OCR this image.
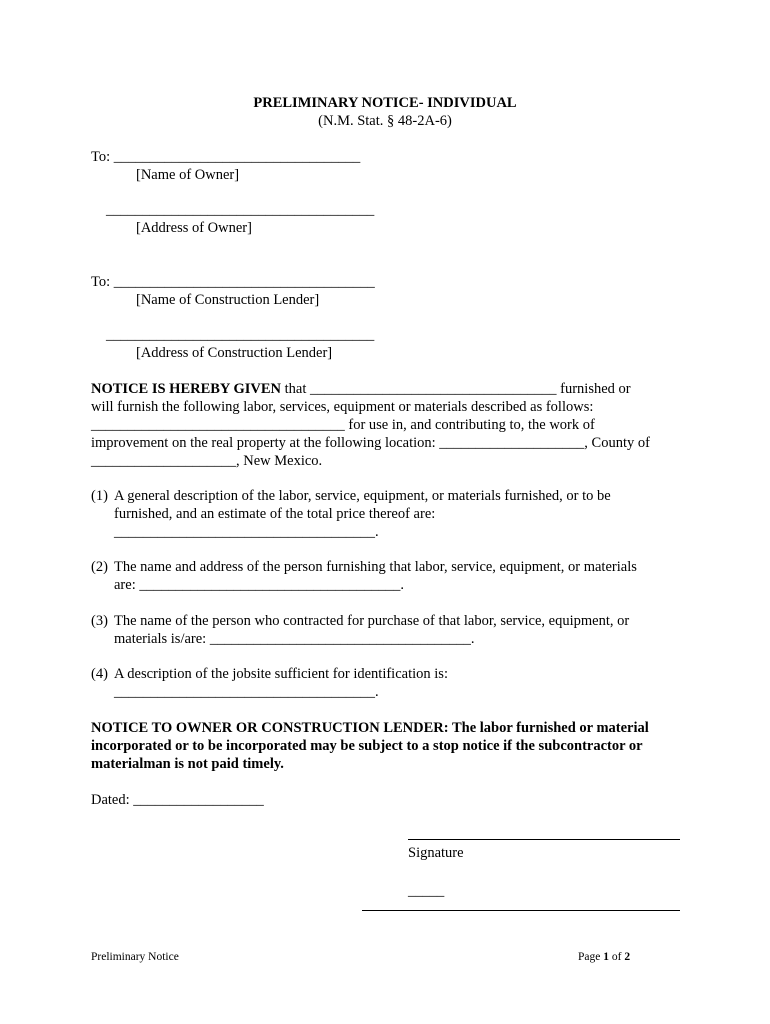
PRELIMINARY NOTICE- INDIVIDUAL
(N.M. Stat. § 48-2A-6)
To: __________________________________
[Name of Owner]
_____________________________________
[Address of Owner]
To: ____________________________________
[Name of Construction Lender]
_____________________________________
[Address of Construction Lender]
NOTICE IS HEREBY GIVEN that __________________________________ furnished or
will furnish the following labor, services, equipment or materials described as follows:
___________________________________ for use in, and contributing to, the work of
improvement on the real property at the following location: ____________________, County of
____________________, New Mexico.
(1) A general description of the labor, service, equipment, or materials furnished, or to be
furnished, and an estimate of the total price thereof are:
____________________________________.
(2) The name and address of the person furnishing that labor, service, equipment, or materials
are: ____________________________________.
(3) The name of the person who contracted for purchase of that labor, service, equipment, or
materials is/are: ____________________________________.
(4) A description of the jobsite sufficient for identification is:
____________________________________.
NOTICE TO OWNER OR CONSTRUCTION LENDER: The labor furnished or material
incorporated or to be incorporated may be subject to a stop notice if the subcontractor or
materialman is not paid timely.
Dated: __________________
Signature
_____
Preliminary Notice	Page 1 of 2
